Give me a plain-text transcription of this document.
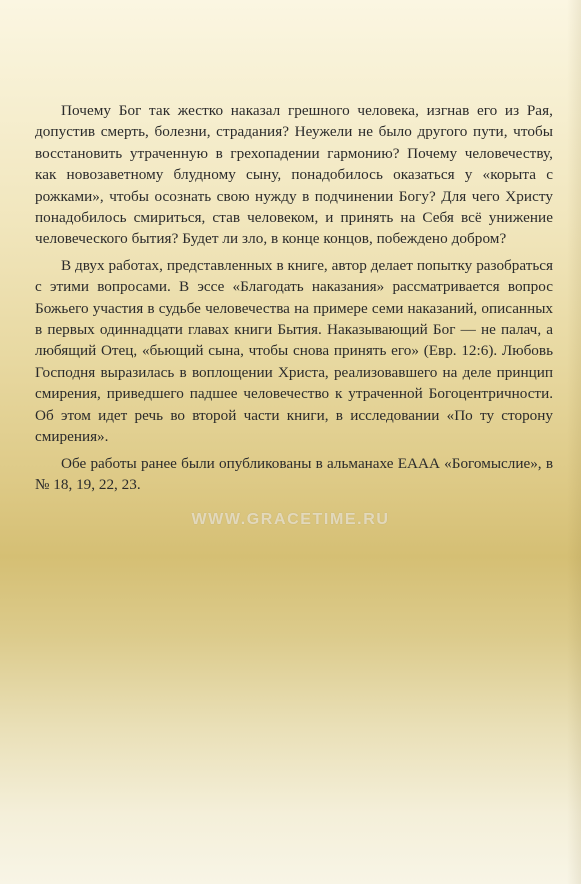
Почему Бог так жестко наказал грешного человека, изгнав его из Рая, допустив смерть, болезни, страдания? Неужели не было другого пути, чтобы восстановить утраченную в грехопадении гармонию? Почему человечеству, как новозаветному блудному сыну, понадобилось оказаться у «корыта с рожками», чтобы осознать свою нужду в подчинении Богу? Для чего Христу понадобилось смириться, став человеком, и принять на Себя всё унижение человеческого бытия? Будет ли зло, в конце концов, побеждено добром?

В двух работах, представленных в книге, автор делает попытку разобраться с этими вопросами. В эссе «Благодать наказания» рассматривается вопрос Божьего участия в судьбе человечества на примере семи наказаний, описанных в первых одиннадцати главах книги Бытия. Наказывающий Бог — не палач, а любящий Отец, «бьющий сына, чтобы снова принять его» (Евр. 12:6). Любовь Господня выразилась в воплощении Христа, реализовавшего на деле принцип смирения, приведшего падшее человечество к утраченной Богоцентричности. Об этом идет речь во второй части книги, в исследовании «По ту сторону смирения».

Обе работы ранее были опубликованы в альманахе ЕААА «Богомыслие», в № 18, 19, 22, 23.

WWW.GRACETIME.RU
